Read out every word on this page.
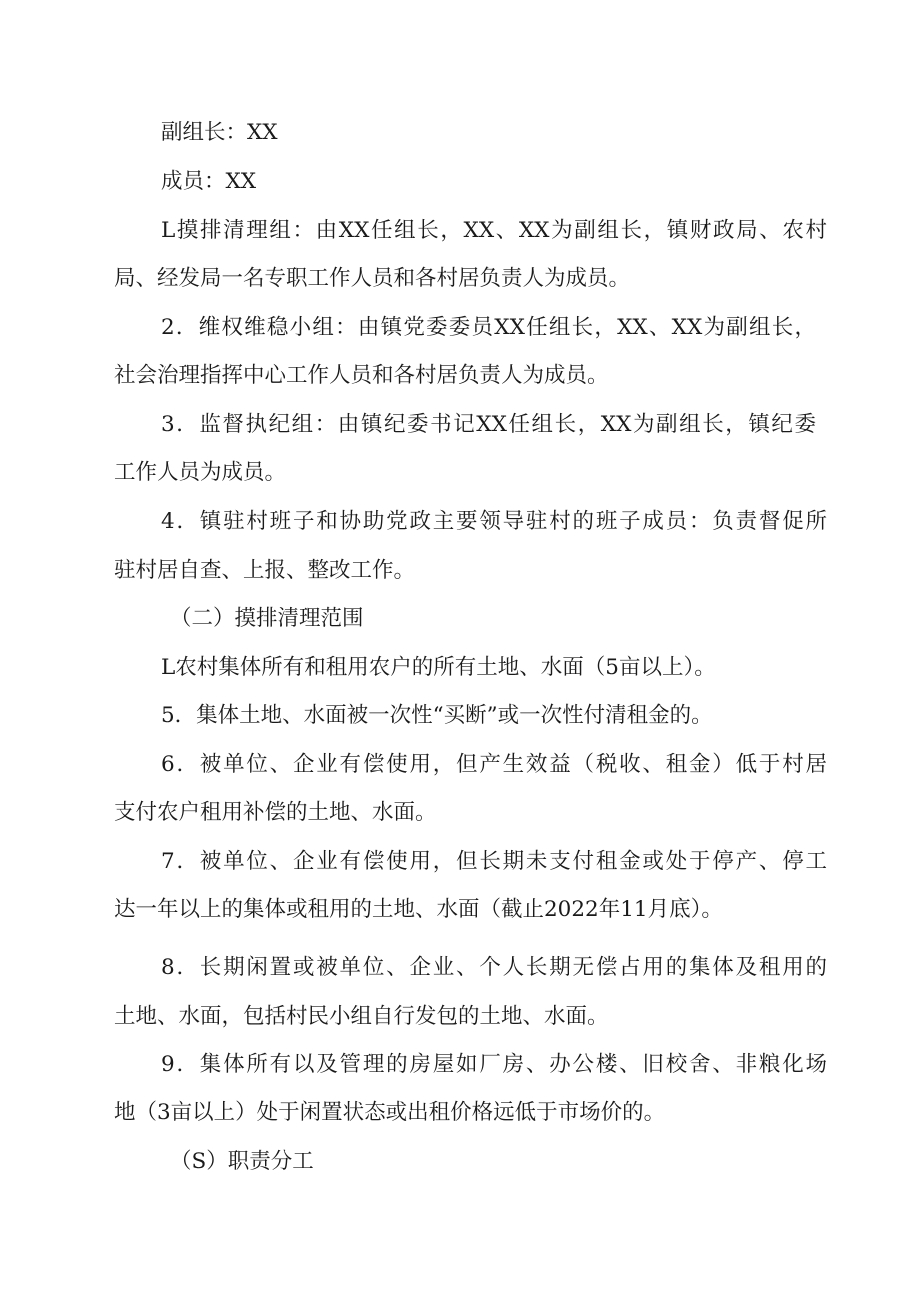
副组长：XX
成员：XX
L摸排清理组：由XX任组长，XX、XX为副组长，镇财政局、农村
局、经发局一名专职工作人员和各村居负责人为成员。
2．维权维稳小组：由镇党委委员XX任组长，XX、XX为副组长，
社会治理指挥中心工作人员和各村居负责人为成员。
3．监督执纪组：由镇纪委书记XX任组长，XX为副组长，镇纪委
工作人员为成员。
4．镇驻村班子和协助党政主要领导驻村的班子成员：负责督促所
驻村居自查、上报、整改工作。
（二）摸排清理范围
L农村集体所有和租用农户的所有土地、水面（5亩以上）。
5．集体土地、水面被一次性“买断”或一次性付清租金的。
6．被单位、企业有偿使用，但产生效益（税收、租金）低于村居
支付农户租用补偿的土地、水面。
7．被单位、企业有偿使用，但长期未支付租金或处于停产、停工
达一年以上的集体或租用的土地、水面（截止2022年11月底）。
8．长期闲置或被单位、企业、个人长期无偿占用的集体及租用的
土地、水面，包括村民小组自行发包的土地、水面。
9．集体所有以及管理的房屋如厂房、办公楼、旧校舍、非粮化场
地（3亩以上）处于闲置状态或出租价格远低于市场价的。
（S）职责分工
